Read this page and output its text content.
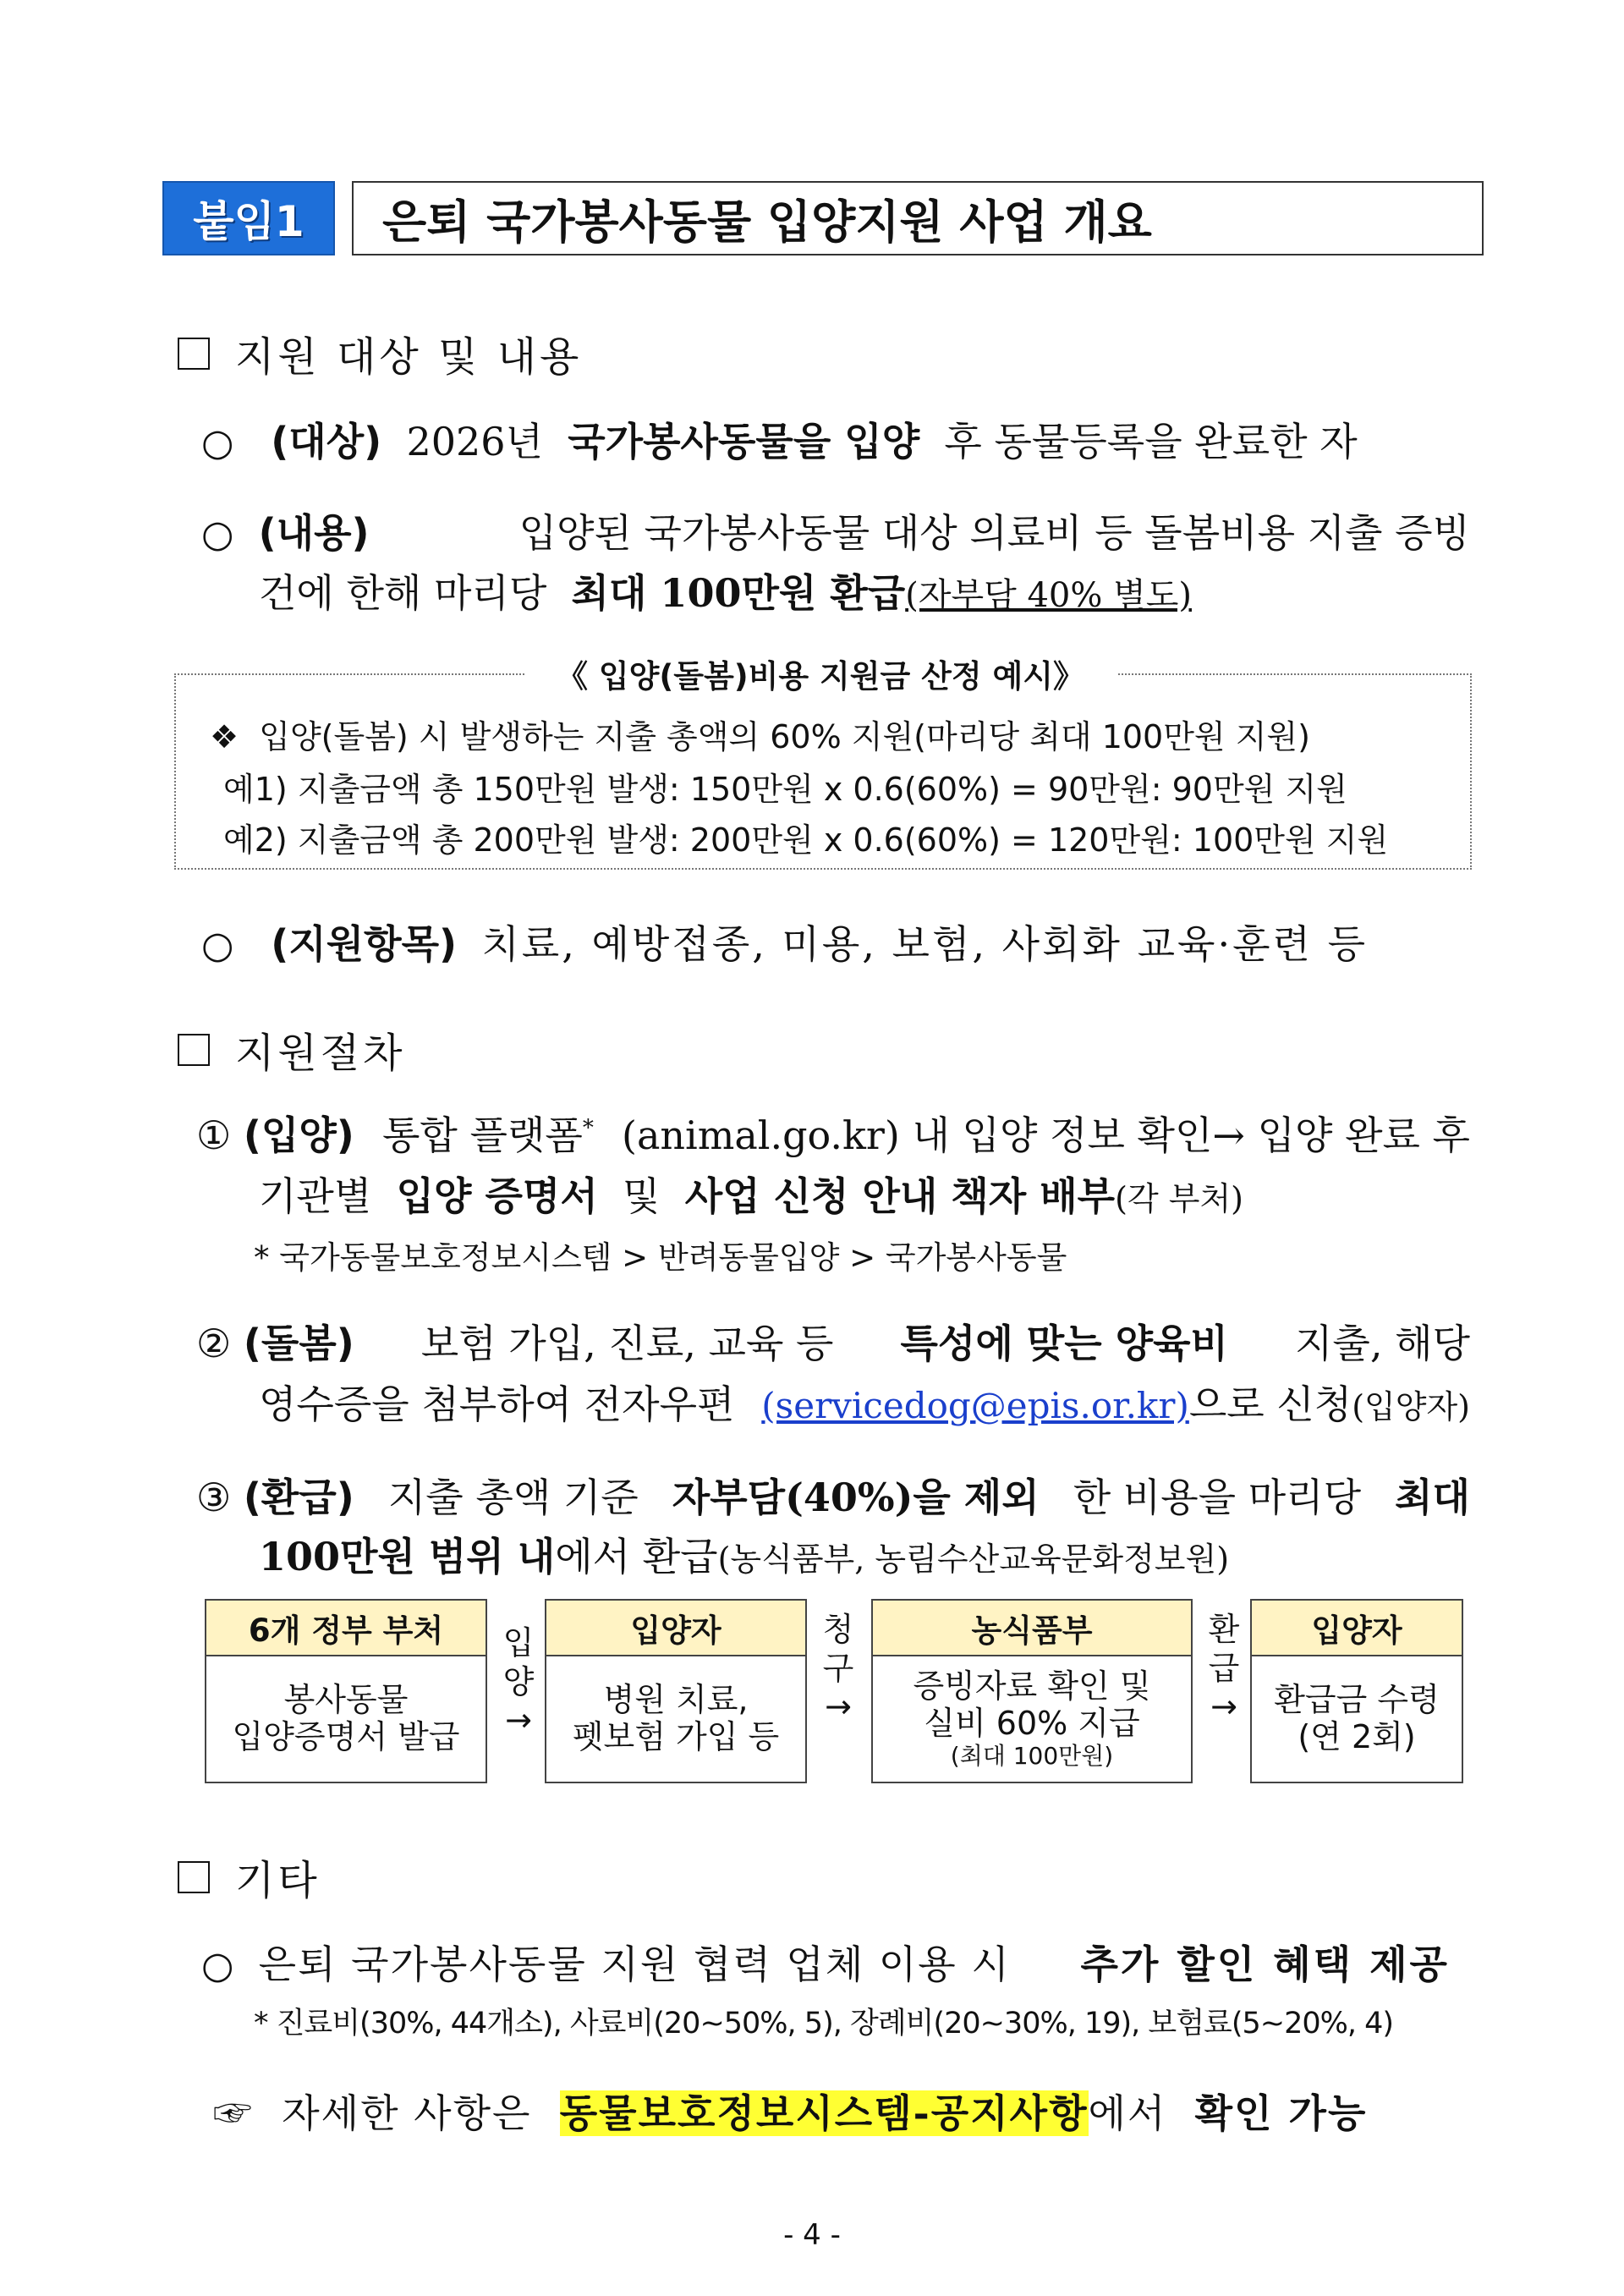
붙임1	은퇴 국가봉사동물 입양지원 사업 개요
지원 대상 및 내용
○ (대상) 2026년 국가봉사동물을 입양 후 동물등록을 완료한 자
○ (내용)	입양된 국가봉사동물 대상 의료비 등 돌봄비용 지출 증빙
건에 한해 마리당 최대 100만원 환급(자부담 40% 별도)
《 입양(돌봄)비용 지원금 산정 예시》
❖ 입양(돌봄) 시 발생하는 지출 총액의 60% 지원(마리당 최대 100만원 지원)
예1) 지출금액 총 150만원 발생: 150만원 x 0.6(60%) = 90만원: 90만원 지원
예2) 지출금액 총 200만원 발생: 200만원 x 0.6(60%) = 120만원: 100만원 지원
○ (지원항목) 치료, 예방접종, 미용, 보험, 사회화 교육·훈련 등
지원절차
① (입양) 통합 플랫폼* (animal.go.kr) 내 입양 정보 확인→ 입양 완료 후
기관별 입양 증명서 및 사업 신청 안내 책자 배부(각 부처)
* 국가동물보호정보시스템 > 반려동물입양 > 국가봉사동물
② (돌봄) 보험 가입, 진료, 교육 등 특성에 맞는 양육비 지출, 해당
영수증을 첨부하여 전자우편 (servicedog@epis.or.kr)으로 신청(입양자)
③ (환급) 지출 총액 기준 자부담(40%)을 제외 한 비용을 마리당 최대
100만원 범위 내에서 환급(농식품부, 농림수산교육문화정보원)
6개 정부 부처
봉사동물
입양증명서 발급
입
양
→
입양자
병원 치료,
펫보험 가입 등
청
구
→
농식품부
증빙자료 확인 및
실비 60% 지급
(최대 100만원)
환
급
→
입양자
환급금 수령
(연 2회)
기타
○ 은퇴 국가봉사동물 지원 협력 업체 이용 시 추가 할인 혜택 제공
* 진료비(30%, 44개소), 사료비(20~50%, 5), 장례비(20~30%, 19), 보험료(5~20%, 4)
☞ 자세한 사항은 동물보호정보시스템-공지사항에서 확인 가능
- 4 -
